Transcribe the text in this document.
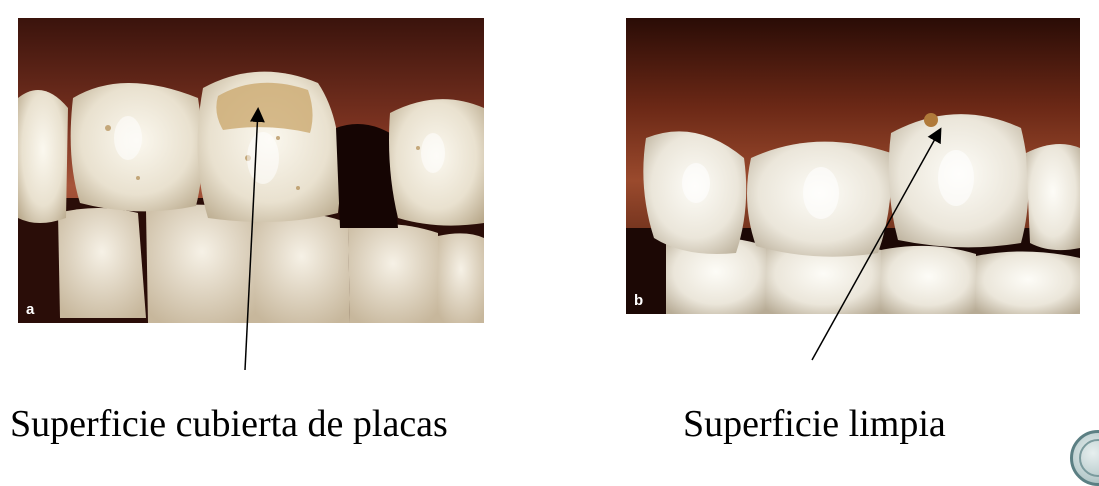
a
b
Superficie cubierta de placas	Superficie limpia
